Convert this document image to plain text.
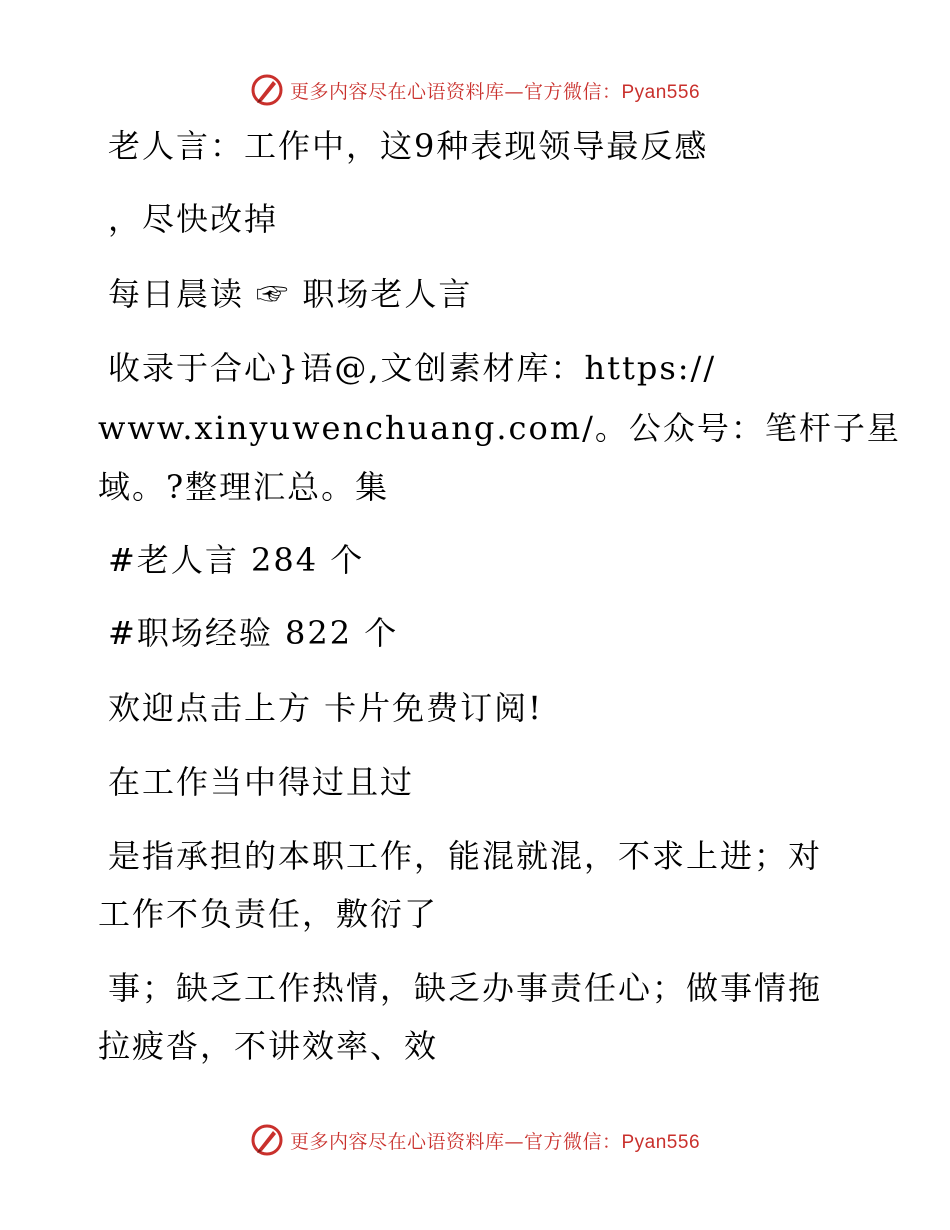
更多内容尽在心语资料库—官方微信：Pyan556
老人言：工作中，这9种表现领导最反感
，尽快改掉
每日晨读 ☞ 职场老人言
收录于合心}语@,文创素材库：https://
www.xinyuwenchuang.com/。公众号：笔杆子星
域。?整理汇总。集
#老人言 284 个
#职场经验 822 个
欢迎点击上方 卡片免费订阅!
在工作当中得过且过
是指承担的本职工作，能混就混，不求上进；对
工作不负责任，敷衍了
事；缺乏工作热情，缺乏办事责任心；做事情拖
拉疲沓，不讲效率、效
更多内容尽在心语资料库—官方微信：Pyan556
